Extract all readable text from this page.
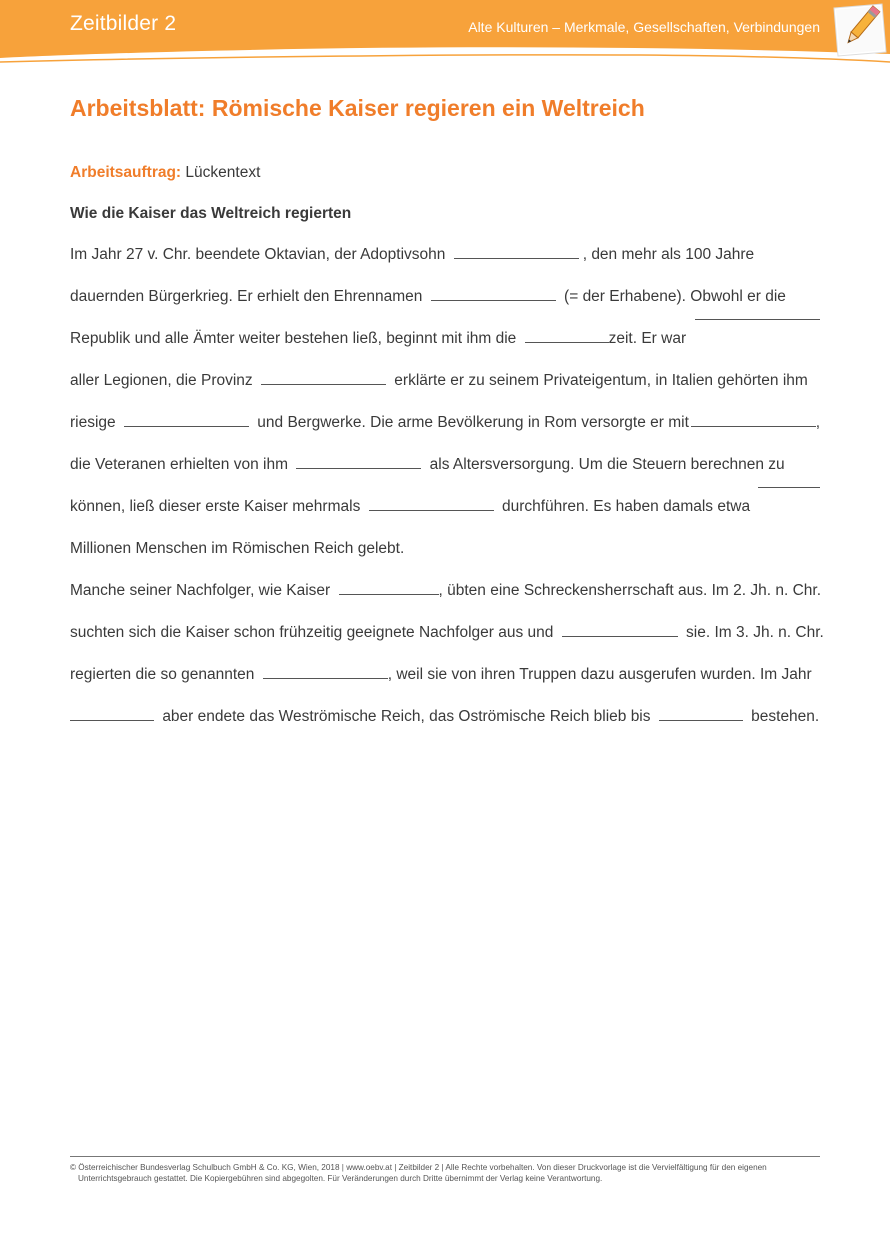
Zeitbilder 2	Alte Kulturen – Merkmale, Gesellschaften, Verbindungen
Arbeitsblatt: Römische Kaiser regieren ein Weltreich
Arbeitsauftrag: Lückentext
Wie die Kaiser das Weltreich regierten
Im Jahr 27 v. Chr. beendete Oktavian, der Adoptivsohn	, den mehr als 100 Jahre
dauernden Bürgerkrieg. Er erhielt den Ehrennamen	(= der Erhabene). Obwohl er die
Republik und alle Ämter weiter bestehen ließ, beginnt mit ihm die	zeit. Er war
aller Legionen, die Provinz	erklärte er zu seinem Privateigentum, in Italien gehörten ihm
riesige	und Bergwerke. Die arme Bevölkerung in Rom versorgte er mit	,
die Veteranen erhielten von ihm	als Altersversorgung. Um die Steuern berechnen zu
können, ließ dieser erste Kaiser mehrmals	durchführen. Es haben damals etwa
Millionen Menschen im Römischen Reich gelebt.
Manche seiner Nachfolger, wie Kaiser	, übten eine Schreckensherrschaft aus. Im 2. Jh. n. Chr.
suchten sich die Kaiser schon frühzeitig geeignete Nachfolger aus und	sie. Im 3. Jh. n. Chr.
regierten die so genannten	, weil sie von ihren Truppen dazu ausgerufen wurden. Im Jahr
aber endete das Weströmische Reich, das Oströmische Reich blieb bis	bestehen.
© Österreichischer Bundesverlag Schulbuch GmbH & Co. KG, Wien, 2018 | www.oebv.at | Zeitbilder 2 | Alle Rechte vorbehalten. Von dieser Druckvorlage ist die Vervielfältigung für den eigenen
Unterrichtsgebrauch gestattet. Die Kopiergebühren sind abgegolten. Für Veränderungen durch Dritte übernimmt der Verlag keine Verantwortung.
